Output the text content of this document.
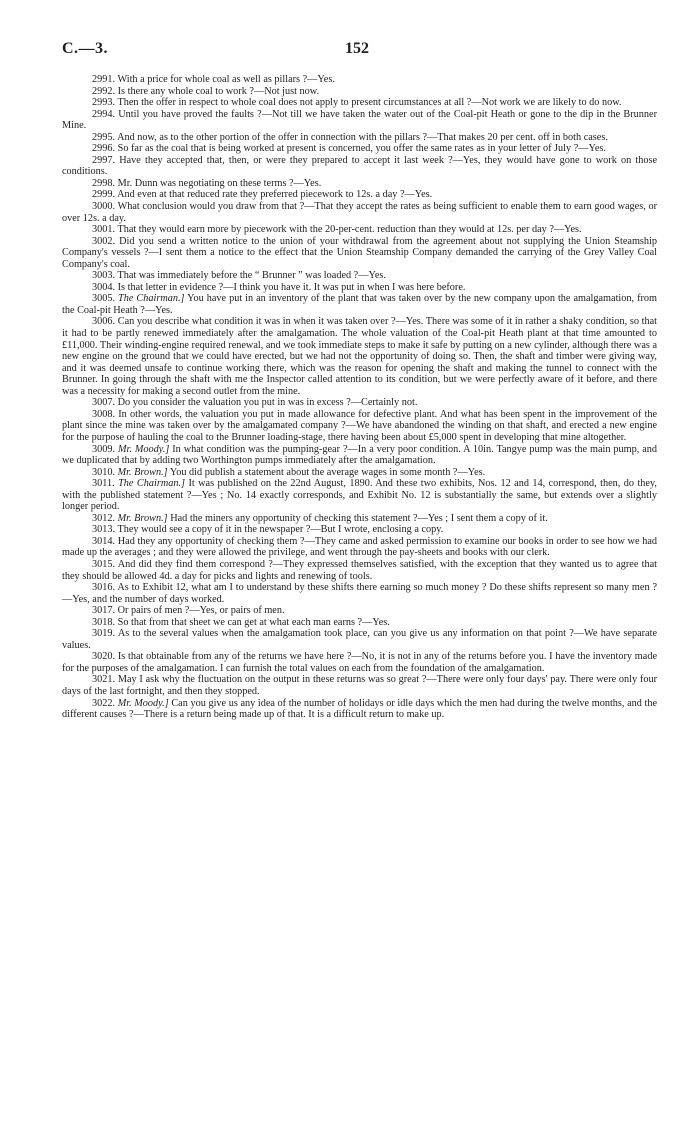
C.—3.	152

2991. With a price for whole coal as well as pillars ?—Yes.

2992. Is there any whole coal to work ?—Not just now.

2993. Then the offer in respect to whole coal does not apply to present circumstances at all ?—Not work we are likely to do now.

2994. Until you have proved the faults ?—Not till we have taken the water out of the Coal-pit Heath or gone to the dip in the Brunner Mine.

2995. And now, as to the other portion of the offer in connection with the pillars ?—That makes 20 per cent. off in both cases.

2996. So far as the coal that is being worked at present is concerned, you offer the same rates as in your letter of July ?—Yes.

2997. Have they accepted that, then, or were they prepared to accept it last week ?—Yes, they would have gone to work on those conditions.

2998. Mr. Dunn was negotiating on these terms ?—Yes.

2999. And even at that reduced rate they preferred piecework to 12s. a day ?—Yes.

3000. What conclusion would you draw from that ?—That they accept the rates as being sufficient to enable them to earn good wages, or over 12s. a day.

3001. That they would earn more by piecework with the 20-per-cent. reduction than they would at 12s. per day ?—Yes.

3002. Did you send a written notice to the union of your withdrawal from the agreement about not supplying the Union Steamship Company's vessels ?—I sent them a notice to the effect that the Union Steamship Company demanded the carrying of the Grey Valley Coal Company's coal.

3003. That was immediately before the “ Brunner ” was loaded ?—Yes.

3004. Is that letter in evidence ?—I think you have it. It was put in when I was here before.

3005. The Chairman.] You have put in an inventory of the plant that was taken over by the new company upon the amalgamation, from the Coal-pit Heath ?—Yes.

3006. Can you describe what condition it was in when it was taken over ?—Yes. There was some of it in rather a shaky condition, so that it had to be partly renewed immediately after the amalgamation. The whole valuation of the Coal-pit Heath plant at that time amounted to £11,000. Their winding-engine required renewal, and we took immediate steps to make it safe by putting on a new cylinder, although there was a new engine on the ground that we could have erected, but we had not the opportunity of doing so. Then, the shaft and timber were giving way, and it was deemed unsafe to continue working there, which was the reason for opening the shaft and making the tunnel to connect with the Brunner. In going through the shaft with me the Inspector called attention to its condition, but we were perfectly aware of it before, and there was a necessity for making a second outlet from the mine.

3007. Do you consider the valuation you put in was in excess ?—Certainly not.

3008. In other words, the valuation you put in made allowance for defective plant. And what has been spent in the improvement of the plant since the mine was taken over by the amalgamated company ?—We have abandoned the winding on that shaft, and erected a new engine for the purpose of hauling the coal to the Brunner loading-stage, there having been about £5,000 spent in developing that mine altogether.

3009. Mr. Moody.] In what condition was the pumping-gear ?—In a very poor condition. A 10in. Tangye pump was the main pump, and we duplicated that by adding two Worthington pumps immediately after the amalgamation.

3010. Mr. Brown.] You did publish a statement about the average wages in some month ?—Yes.

3011. The Chairman.] It was published on the 22nd August, 1890. And these two exhibits, Nos. 12 and 14, correspond, then, do they, with the published statement ?—Yes ; No. 14 exactly corresponds, and Exhibit No. 12 is substantially the same, but extends over a slightly longer period.

3012. Mr. Brown.] Had the miners any opportunity of checking this statement ?—Yes ; I sent them a copy of it.

3013. They would see a copy of it in the newspaper ?—But I wrote, enclosing a copy.

3014. Had they any opportunity of checking them ?—They came and asked permission to examine our books in order to see how we had made up the averages ; and they were allowed the privilege, and went through the pay-sheets and books with our clerk.

3015. And did they find them correspond ?—They expressed themselves satisfied, with the exception that they wanted us to agree that they should be allowed 4d. a day for picks and lights and renewing of tools.

3016. As to Exhibit 12, what am I to understand by these shifts there earning so much money ? Do these shifts represent so many men ?—Yes, and the number of days worked.

3017. Or pairs of men ?—Yes, or pairs of men.

3018. So that from that sheet we can get at what each man earns ?—Yes.

3019. As to the several values when the amalgamation took place, can you give us any information on that point ?—We have separate values.

3020. Is that obtainable from any of the returns we have here ?—No, it is not in any of the returns before you. I have the inventory made for the purposes of the amalgamation. I can furnish the total values on each from the foundation of the amalgamation.

3021. May I ask why the fluctuation on the output in these returns was so great ?—There were only four days' pay. There were only four days of the last fortnight, and then they stopped.

3022. Mr. Moody.] Can you give us any idea of the number of holidays or idle days which the men had during the twelve months, and the different causes ?—There is a return being made up of that. It is a difficult return to make up.
